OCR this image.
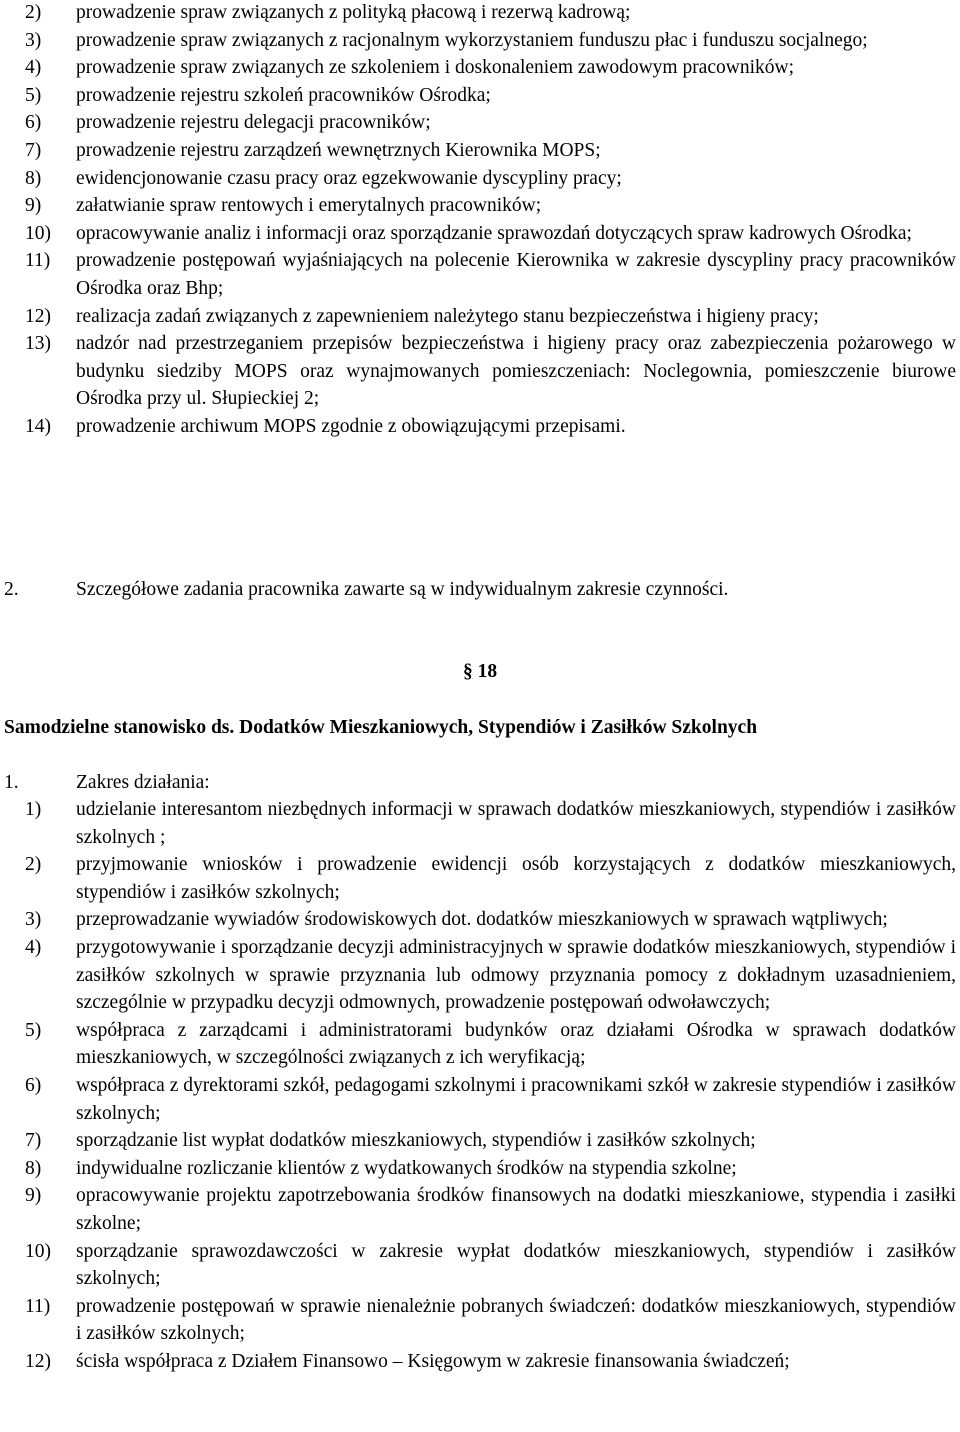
2) prowadzenie spraw związanych z polityką płacową i rezerwą kadrową;
3) prowadzenie spraw związanych z racjonalnym wykorzystaniem funduszu płac i funduszu socjalnego;
4) prowadzenie spraw związanych ze szkoleniem i doskonaleniem zawodowym pracowników;
5) prowadzenie rejestru szkoleń pracowników Ośrodka;
6) prowadzenie rejestru delegacji pracowników;
7) prowadzenie rejestru zarządzeń wewnętrznych Kierownika MOPS;
8) ewidencjonowanie czasu pracy oraz egzekwowanie dyscypliny pracy;
9) załatwianie spraw rentowych i emerytalnych pracowników;
10) opracowywanie analiz i informacji oraz sporządzanie sprawozdań dotyczących spraw kadrowych Ośrodka;
11) prowadzenie postępowań wyjaśniających na polecenie Kierownika w zakresie dyscypliny pracy pracowników Ośrodka oraz Bhp;
12) realizacja zadań związanych z zapewnieniem należytego stanu bezpieczeństwa i higieny pracy;
13) nadzór nad przestrzeganiem przepisów bezpieczeństwa i higieny pracy oraz zabezpieczenia pożarowego w budynku siedziby MOPS oraz wynajmowanych pomieszczeniach: Noclegownia, pomieszczenie biurowe Ośrodka przy ul. Słupieckiej 2;
14) prowadzenie archiwum MOPS zgodnie z obowiązującymi przepisami.
2.	Szczegółowe zadania pracownika zawarte są w indywidualnym zakresie czynności.
§ 18
Samodzielne stanowisko ds. Dodatków Mieszkaniowych, Stypendiów i Zasiłków Szkolnych
1.	Zakres działania:
1) udzielanie interesantom niezbędnych informacji w sprawach dodatków mieszkaniowych, stypendiów i zasiłków szkolnych ;
2) przyjmowanie wniosków i prowadzenie ewidencji osób korzystających z dodatków mieszkaniowych, stypendiów i zasiłków szkolnych;
3) przeprowadzanie wywiadów środowiskowych dot. dodatków mieszkaniowych w sprawach wątpliwych;
4) przygotowywanie i sporządzanie decyzji administracyjnych w sprawie dodatków mieszkaniowych, stypendiów i zasiłków szkolnych w sprawie przyznania lub odmowy przyznania pomocy z dokładnym uzasadnieniem, szczególnie w przypadku decyzji odmownych, prowadzenie postępowań odwoławczych;
5) współpraca z zarządcami i administratorami budynków oraz działami Ośrodka w sprawach dodatków mieszkaniowych, w szczególności związanych z ich weryfikacją;
6) współpraca z dyrektorami szkół, pedagogami szkolnymi i pracownikami szkół w zakresie stypendiów i zasiłków szkolnych;
7) sporządzanie list wypłat dodatków mieszkaniowych, stypendiów i zasiłków szkolnych;
8) indywidualne rozliczanie klientów z wydatkowanych środków na stypendia szkolne;
9) opracowywanie projektu zapotrzebowania środków finansowych na dodatki mieszkaniowe, stypendia i zasiłki szkolne;
10) sporządzanie sprawozdawczości w zakresie wypłat dodatków mieszkaniowych, stypendiów i zasiłków szkolnych;
11) prowadzenie postępowań w sprawie nienależnie pobranych świadczeń: dodatków mieszkaniowych, stypendiów i zasiłków szkolnych;
12) ścisła współpraca z Działem Finansowo – Księgowym w zakresie finansowania świadczeń;
